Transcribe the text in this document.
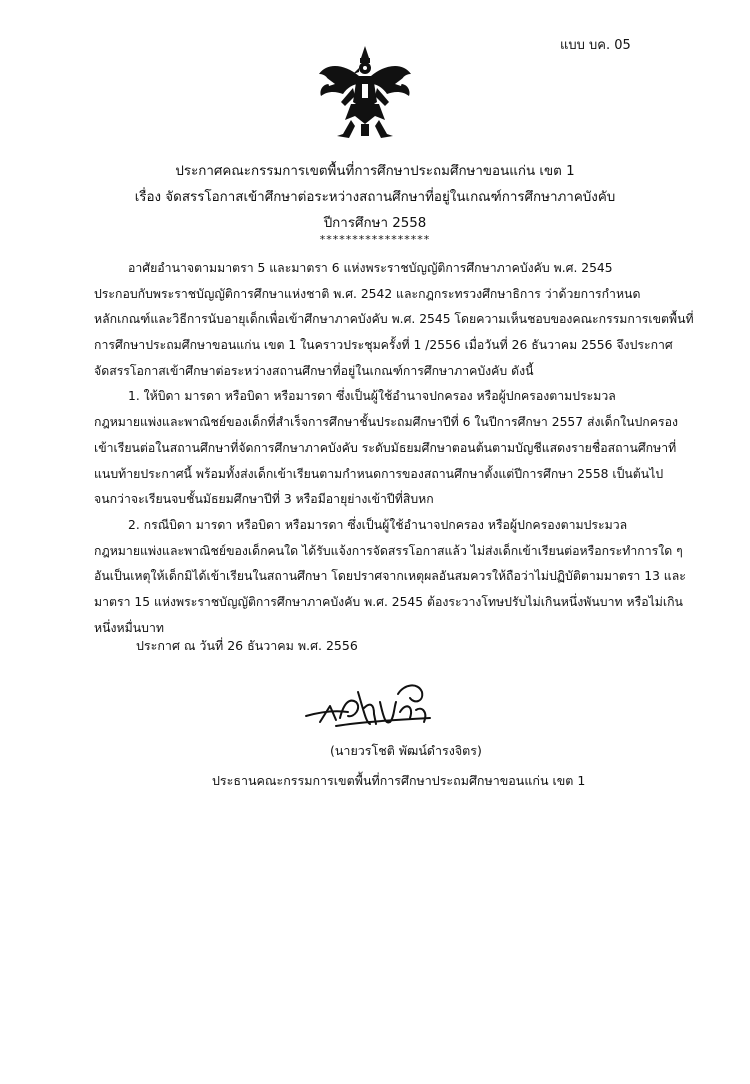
แบบ บค. 05
ประกาศคณะกรรมการเขตพื้นที่การศึกษาประถมศึกษาขอนแก่น เขต 1
เรื่อง จัดสรรโอกาสเข้าศึกษาต่อระหว่างสถานศึกษาที่อยู่ในเกณฑ์การศึกษาภาคบังคับ
ปีการศึกษา 2558
*****************
อาศัยอำนาจตามมาตรา 5 และมาตรา 6 แห่งพระราชบัญญัติการศึกษาภาคบังคับ พ.ศ. 2545
ประกอบกับพระราชบัญญัติการศึกษาแห่งชาติ พ.ศ. 2542 และกฎกระทรวงศึกษาธิการ ว่าด้วยการกำหนด
หลักเกณฑ์และวิธีการนับอายุเด็กเพื่อเข้าศึกษาภาคบังคับ พ.ศ. 2545 โดยความเห็นชอบของคณะกรรมการเขตพื้นที่
การศึกษาประถมศึกษาขอนแก่น เขต 1 ในคราวประชุมครั้งที่ 1 /2556 เมื่อวันที่ 26 ธันวาคม 2556 จึงประกาศ
จัดสรรโอกาสเข้าศึกษาต่อระหว่างสถานศึกษาที่อยู่ในเกณฑ์การศึกษาภาคบังคับ ดังนี้
1. ให้บิดา มารดา หรือบิดา หรือมารดา ซึ่งเป็นผู้ใช้อำนาจปกครอง หรือผู้ปกครองตามประมวล
กฎหมายแพ่งและพาณิชย์ของเด็กที่สำเร็จการศึกษาชั้นประถมศึกษาปีที่ 6 ในปีการศึกษา 2557 ส่งเด็กในปกครอง
เข้าเรียนต่อในสถานศึกษาที่จัดการศึกษาภาคบังคับ ระดับมัธยมศึกษาตอนต้นตามบัญชีแสดงรายชื่อสถานศึกษาที่
แนบท้ายประกาศนี้ พร้อมทั้งส่งเด็กเข้าเรียนตามกำหนดการของสถานศึกษาตั้งแต่ปีการศึกษา 2558 เป็นต้นไป
จนกว่าจะเรียนจบชั้นมัธยมศึกษาปีที่ 3 หรือมีอายุย่างเข้าปีที่สิบหก
2. กรณีบิดา มารดา หรือบิดา หรือมารดา ซึ่งเป็นผู้ใช้อำนาจปกครอง หรือผู้ปกครองตามประมวล
กฎหมายแพ่งและพาณิชย์ของเด็กคนใด ได้รับแจ้งการจัดสรรโอกาสแล้ว ไม่ส่งเด็กเข้าเรียนต่อหรือกระทำการใด ๆ
อันเป็นเหตุให้เด็กมิได้เข้าเรียนในสถานศึกษา โดยปราศจากเหตุผลอันสมควรให้ถือว่าไม่ปฏิบัติตามมาตรา 13 และ
มาตรา 15 แห่งพระราชบัญญัติการศึกษาภาคบังคับ พ.ศ. 2545 ต้องระวางโทษปรับไม่เกินหนึ่งพันบาท หรือไม่เกิน
หนึ่งหมื่นบาท
ประกาศ ณ วันที่ 26 ธันวาคม พ.ศ. 2556
(นายวรโชติ พัฒน์ดำรงจิตร)
ประธานคณะกรรมการเขตพื้นที่การศึกษาประถมศึกษาขอนแก่น เขต 1
